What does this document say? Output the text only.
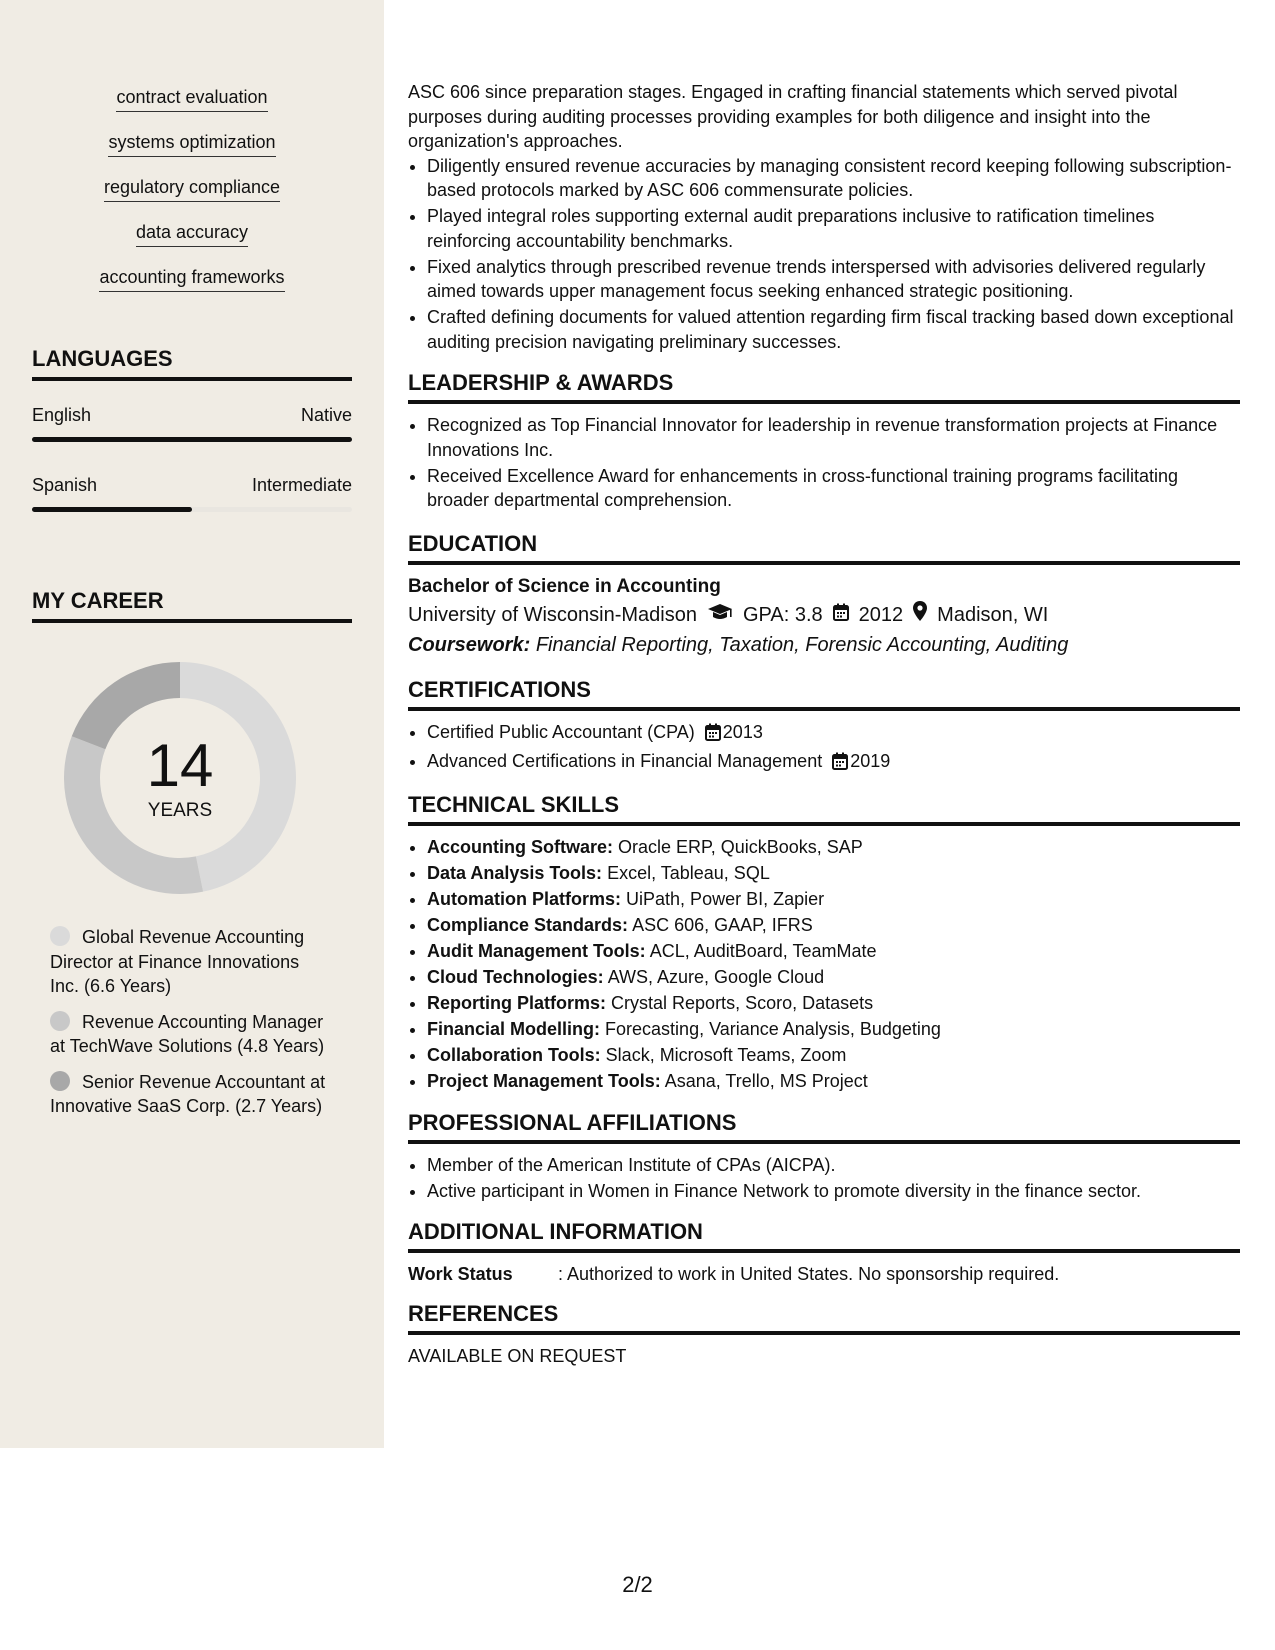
contract evaluation
systems optimization
regulatory compliance
data accuracy
accounting frameworks
LANGUAGES
English	Native
Spanish	Intermediate
MY CAREER
14
YEARS
Global Revenue Accounting Director at Finance Innovations Inc. (6.6 Years)
Revenue Accounting Manager at TechWave Solutions (4.8 Years)
Senior Revenue Accountant at Innovative SaaS Corp. (2.7 Years)

ASC 606 since preparation stages. Engaged in crafting financial statements which served pivotal purposes during auditing processes providing examples for both diligence and insight into the organization's approaches.

• Diligently ensured revenue accuracies by managing consistent record keeping following subscription-based protocols marked by ASC 606 commensurate policies.
• Played integral roles supporting external audit preparations inclusive to ratification timelines reinforcing accountability benchmarks.
• Fixed analytics through prescribed revenue trends interspersed with advisories delivered regularly aimed towards upper management focus seeking enhanced strategic positioning.
• Crafted defining documents for valued attention regarding firm fiscal tracking based down exceptional auditing precision navigating preliminary successes.
LEADERSHIP & AWARDS
• Recognized as Top Financial Innovator for leadership in revenue transformation projects at Finance Innovations Inc.
• Received Excellence Award for enhancements in cross-functional training programs facilitating broader departmental comprehension.
EDUCATION
Bachelor of Science in Accounting
University of Wisconsin-Madison GPA: 3.8 2012 Madison, WI
Coursework: Financial Reporting, Taxation, Forensic Accounting, Auditing
CERTIFICATIONS
• Certified Public Accountant (CPA) 2013
• Advanced Certifications in Financial Management 2019
TECHNICAL SKILLS
• Accounting Software: Oracle ERP, QuickBooks, SAP
• Data Analysis Tools: Excel, Tableau, SQL
• Automation Platforms: UiPath, Power BI, Zapier
• Compliance Standards: ASC 606, GAAP, IFRS
• Audit Management Tools: ACL, AuditBoard, TeamMate
• Cloud Technologies: AWS, Azure, Google Cloud
• Reporting Platforms: Crystal Reports, Scoro, Datasets
• Financial Modelling: Forecasting, Variance Analysis, Budgeting
• Collaboration Tools: Slack, Microsoft Teams, Zoom
• Project Management Tools: Asana, Trello, MS Project
PROFESSIONAL AFFILIATIONS
• Member of the American Institute of CPAs (AICPA).
• Active participant in Women in Finance Network to promote diversity in the finance sector.
ADDITIONAL INFORMATION
Work Status	: Authorized to work in United States. No sponsorship required.
REFERENCES
AVAILABLE ON REQUEST
2/2
